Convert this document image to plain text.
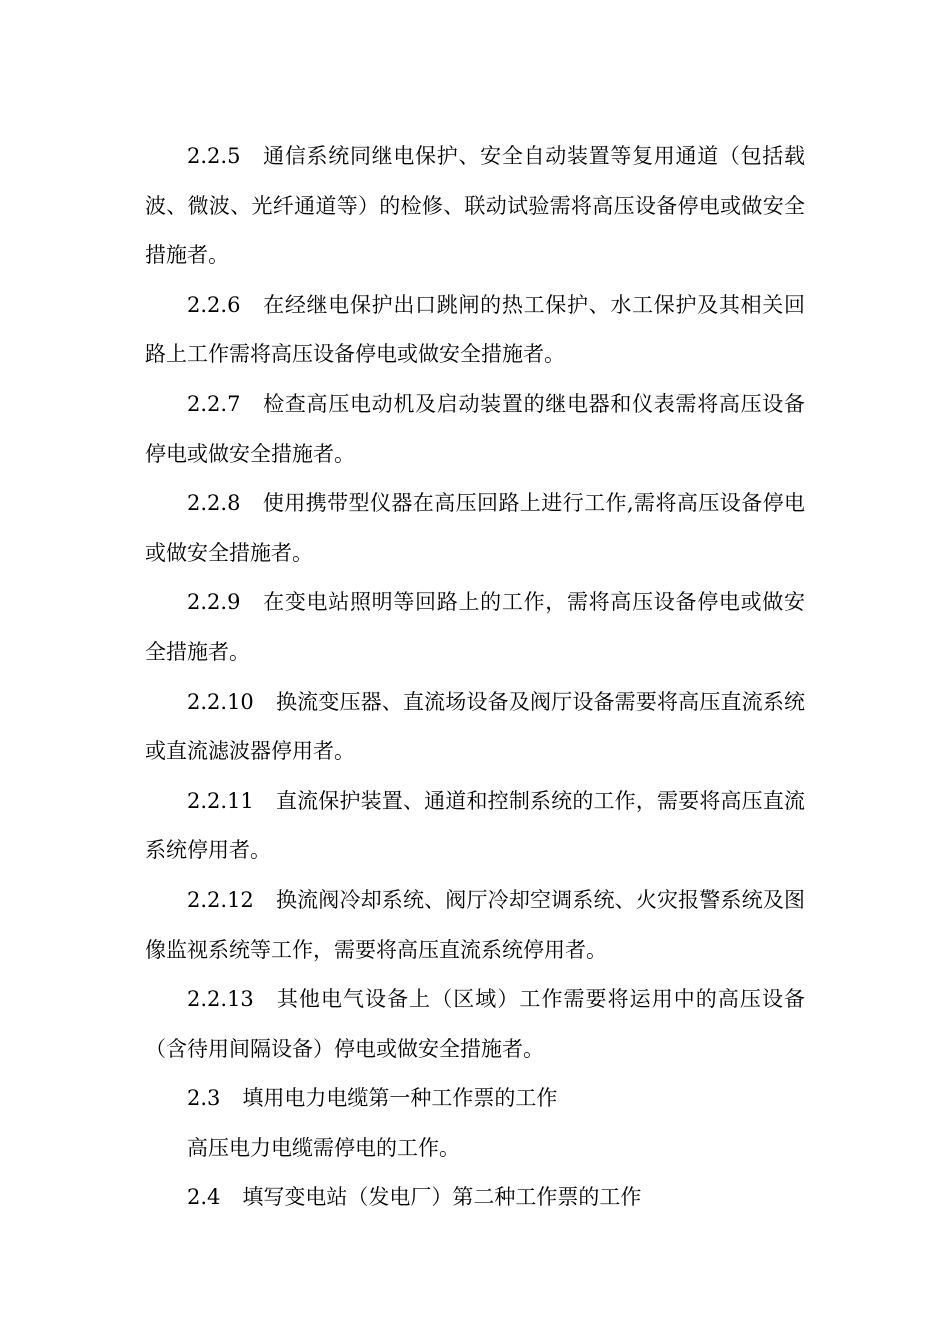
2.2.5 通信系统同继电保护、安全自动装置等复用通道（包括载波、微波、光纤通道等）的检修、联动试验需将高压设备停电或做安全措施者。

2.2.6 在经继电保护出口跳闸的热工保护、水工保护及其相关回路上工作需将高压设备停电或做安全措施者。

2.2.7 检查高压电动机及启动装置的继电器和仪表需将高压设备停电或做安全措施者。

2.2.8 使用携带型仪器在高压回路上进行工作,需将高压设备停电或做安全措施者。

2.2.9 在变电站照明等回路上的工作，需将高压设备停电或做安全措施者。

2.2.10 换流变压器、直流场设备及阀厅设备需要将高压直流系统或直流滤波器停用者。

2.2.11 直流保护装置、通道和控制系统的工作，需要将高压直流系统停用者。

2.2.12 换流阀冷却系统、阀厅冷却空调系统、火灾报警系统及图像监视系统等工作，需要将高压直流系统停用者。

2.2.13 其他电气设备上（区域）工作需要将运用中的高压设备（含待用间隔设备）停电或做安全措施者。

2.3 填用电力电缆第一种工作票的工作

高压电力电缆需停电的工作。

2.4 填写变电站（发电厂）第二种工作票的工作
